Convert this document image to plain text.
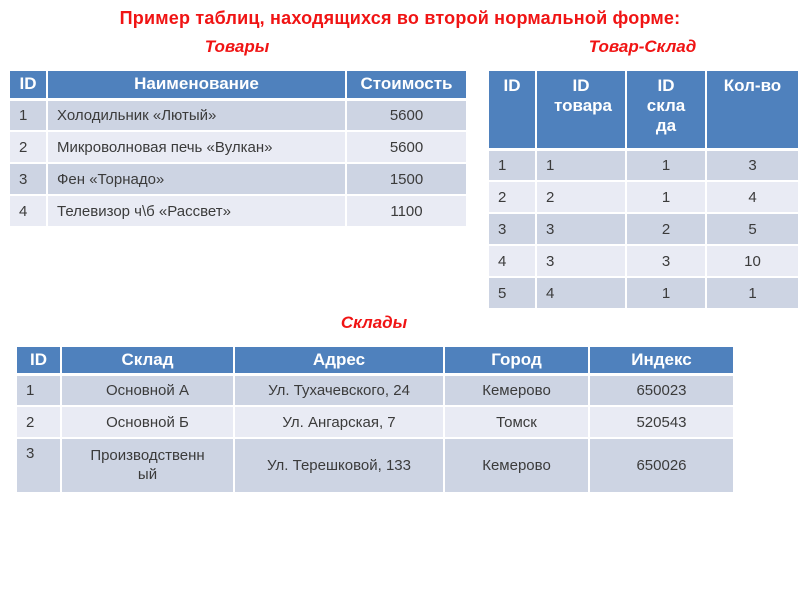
Пример таблиц, находящихся во второй нормальной форме:
Товары
ID	Наименование	Стоимость
1	Холодильник «Лютый»	5600
2	Микроволновая печь «Вулкан»	5600
3	Фен «Торнадо»	1500
4	Телевизор ч\б «Рассвет»	1100
Товар-Склад
ID	ID товара	ID склада	Кол-во
1	1	1	3
2	2	1	4
3	3	2	5
4	3	3	10
5	4	1	1
Склады
ID	Склад	Адрес	Город	Индекс
1	Основной А	Ул. Тухачевского, 24	Кемерово	650023
2	Основной Б	Ул. Ангарская, 7	Томск	520543
3	Производственный	Ул. Терешковой, 133	Кемерово	650026
